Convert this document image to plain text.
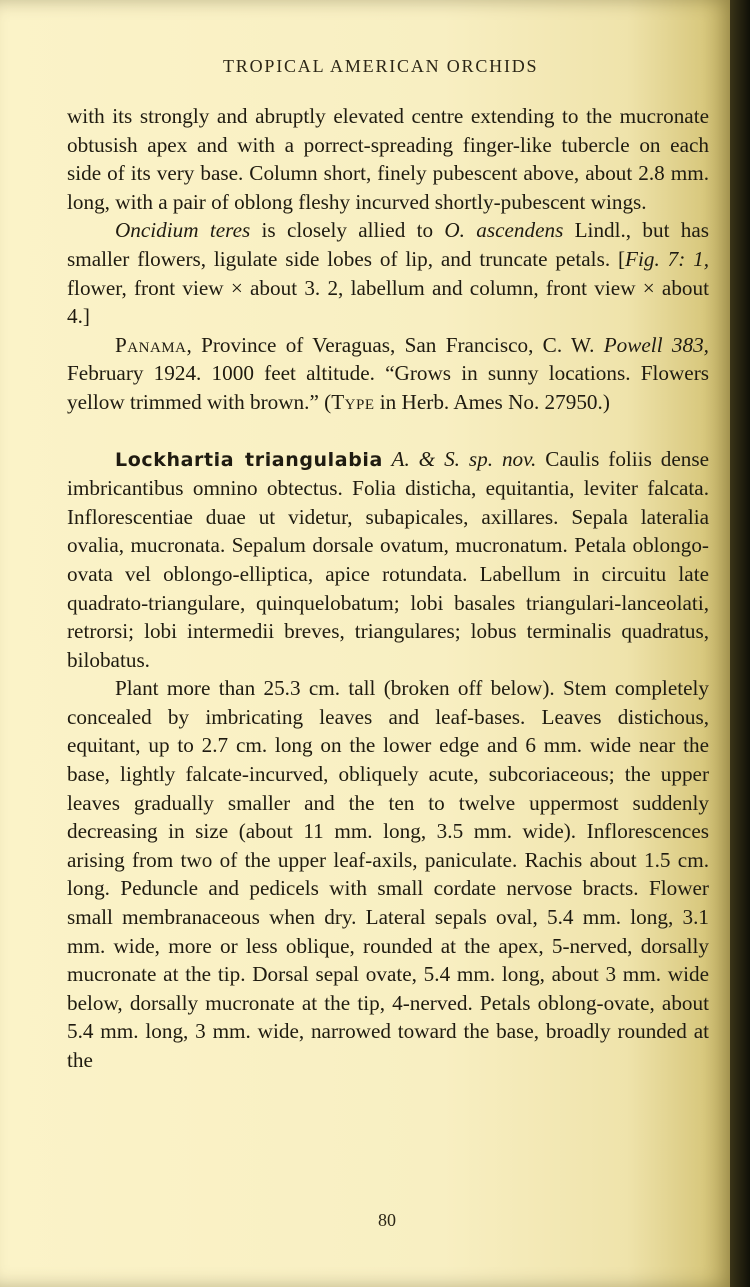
TROPICAL AMERICAN ORCHIDS

with its strongly and abruptly elevated centre extending to the mucronate obtusish apex and with a porrect-spreading finger-like tubercle on each side of its very base. Column short, finely pubescent above, about 2.8 mm. long, with a pair of oblong fleshy incurved shortly-pubescent wings.

Oncidium teres is closely allied to O. ascendens Lindl., but has smaller flowers, ligulate side lobes of lip, and truncate petals. [Fig. 7: 1, flower, front view × about 3. 2, labellum and column, front view × about 4.]

Panama, Province of Veraguas, San Francisco, C. W. Powell 383, February 1924. 1000 feet altitude. “Grows in sunny locations. Flowers yellow trimmed with brown.” (Type in Herb. Ames No. 27950.)

Lockhartia triangulabia A. & S. sp. nov. Caulis foliis dense imbricantibus omnino obtectus. Folia disticha, equitantia, leviter falcata. Inflorescentiae duae ut videtur, subapicales, axillares. Sepala lateralia ovalia, mucronata. Sepalum dorsale ovatum, mucronatum. Petala oblongo-ovata vel oblongo-elliptica, apice rotundata. Labellum in circuitu late quadrato-triangulare, quinquelobatum; lobi basales triangulari-lanceolati, retrorsi; lobi intermedii breves, triangulares; lobus terminalis quadratus, bilobatus.

Plant more than 25.3 cm. tall (broken off below). Stem completely concealed by imbricating leaves and leaf-bases. Leaves distichous, equitant, up to 2.7 cm. long on the lower edge and 6 mm. wide near the base, lightly falcate-incurved, obliquely acute, subcoriaceous; the upper leaves gradually smaller and the ten to twelve uppermost suddenly decreasing in size (about 11 mm. long, 3.5 mm. wide). Inflorescences arising from two of the upper leaf-axils, paniculate. Rachis about 1.5 cm. long. Peduncle and pedicels with small cordate nervose bracts. Flower small membranaceous when dry. Lateral sepals oval, 5.4 mm. long, 3.1 mm. wide, more or less oblique, rounded at the apex, 5-nerved, dorsally mucronate at the tip. Dorsal sepal ovate, 5.4 mm. long, about 3 mm. wide below, dorsally mucronate at the tip, 4-nerved. Petals oblong-ovate, about 5.4 mm. long, 3 mm. wide, narrowed toward the base, broadly rounded at the

80
